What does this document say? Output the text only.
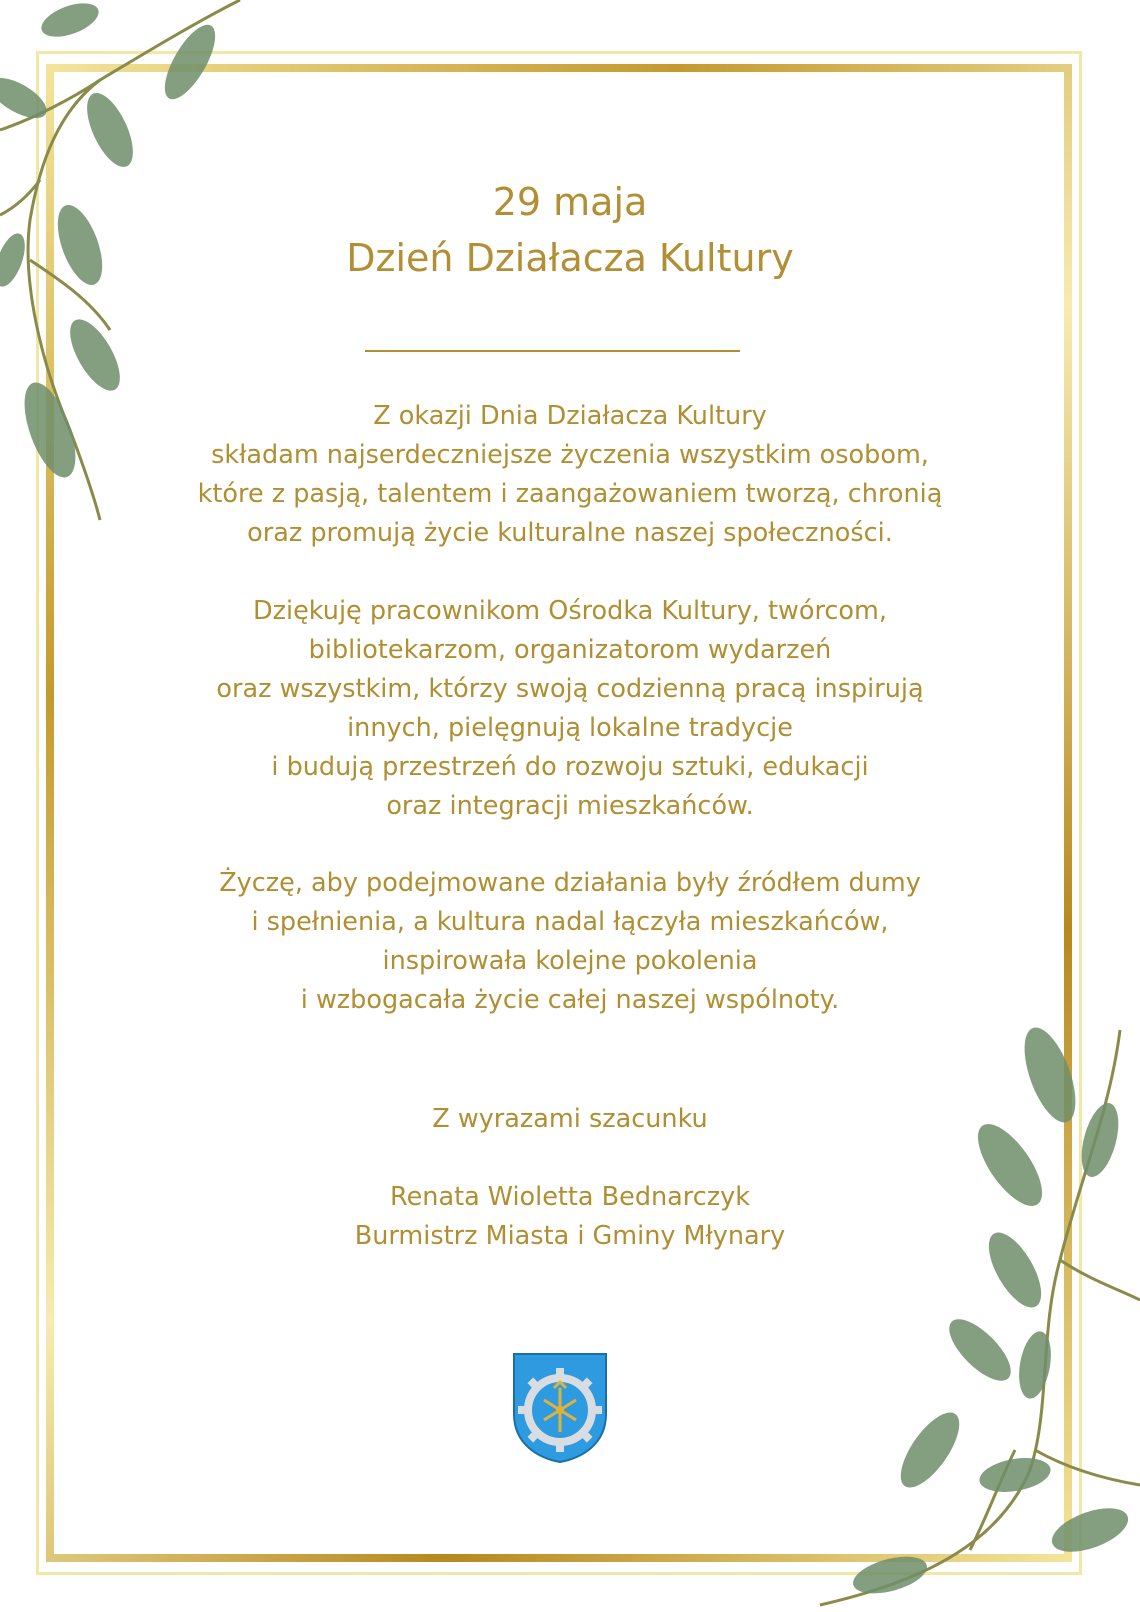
29 maja
Dzień Działacza Kultury
Z okazji Dnia Działacza Kultury
składam najserdeczniejsze życzenia wszystkim osobom,
które z pasją, talentem i zaangażowaniem tworzą, chronią
oraz promują życie kulturalne naszej społeczności.
Dziękuję pracownikom Ośrodka Kultury, twórcom,
bibliotekarzom, organizatorom wydarzeń
oraz wszystkim, którzy swoją codzienną pracą inspirują
innych, pielęgnują lokalne tradycje
i budują przestrzeń do rozwoju sztuki, edukacji
oraz integracji mieszkańców.
Życzę, aby podejmowane działania były źródłem dumy
i spełnienia, a kultura nadal łączyła mieszkańców,
inspirowała kolejne pokolenia
i wzbogacała życie całej naszej wspólnoty.
Z wyrazami szacunku
Renata Wioletta Bednarczyk
Burmistrz Miasta i Gminy Młynary
